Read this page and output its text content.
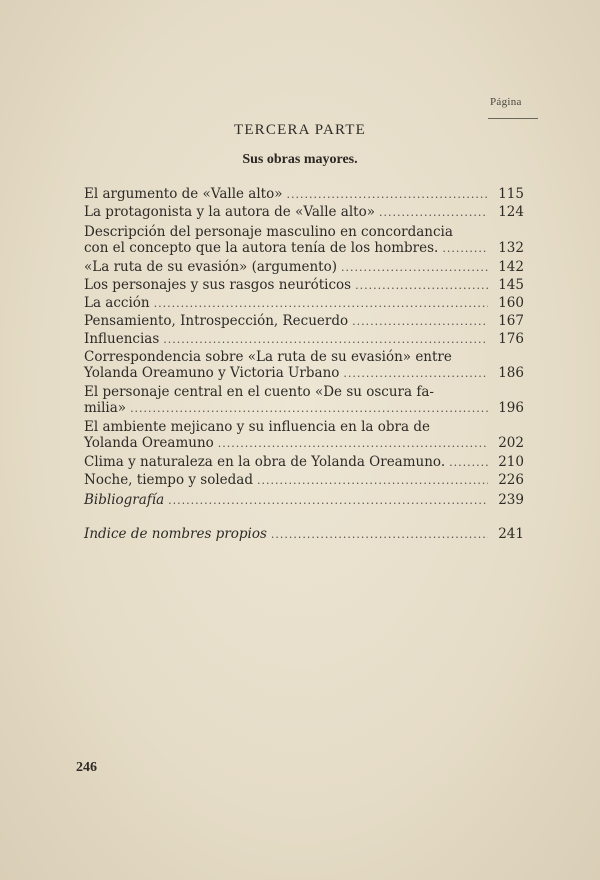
Página
TERCERA PARTE
Sus obras mayores.
El argumento de «Valle alto» .....	115
La protagonista y la autora de «Valle alto» .....	124
Descripción del personaje masculino en concordancia
con el concepto que la autora tenía de los hombres. .....	132
«La ruta de su evasión» (argumento) .....	142
Los personajes y sus rasgos neuróticos .....	145
La acción .....	160
Pensamiento, Introspección, Recuerdo .....	167
Influencias .....	176
Correspondencia sobre «La ruta de su evasión» entre
Yolanda Oreamuno y Victoria Urbano .....	186
El personaje central en el cuento «De su oscura fa-
milia» .....	196
El ambiente mejicano y su influencia en la obra de
Yolanda Oreamuno .....	202
Clima y naturaleza en la obra de Yolanda Oreamuno. .....	210
Noche, tiempo y soledad .....	226
Bibliografía .....	239
Indice de nombres propios .....	241
246
